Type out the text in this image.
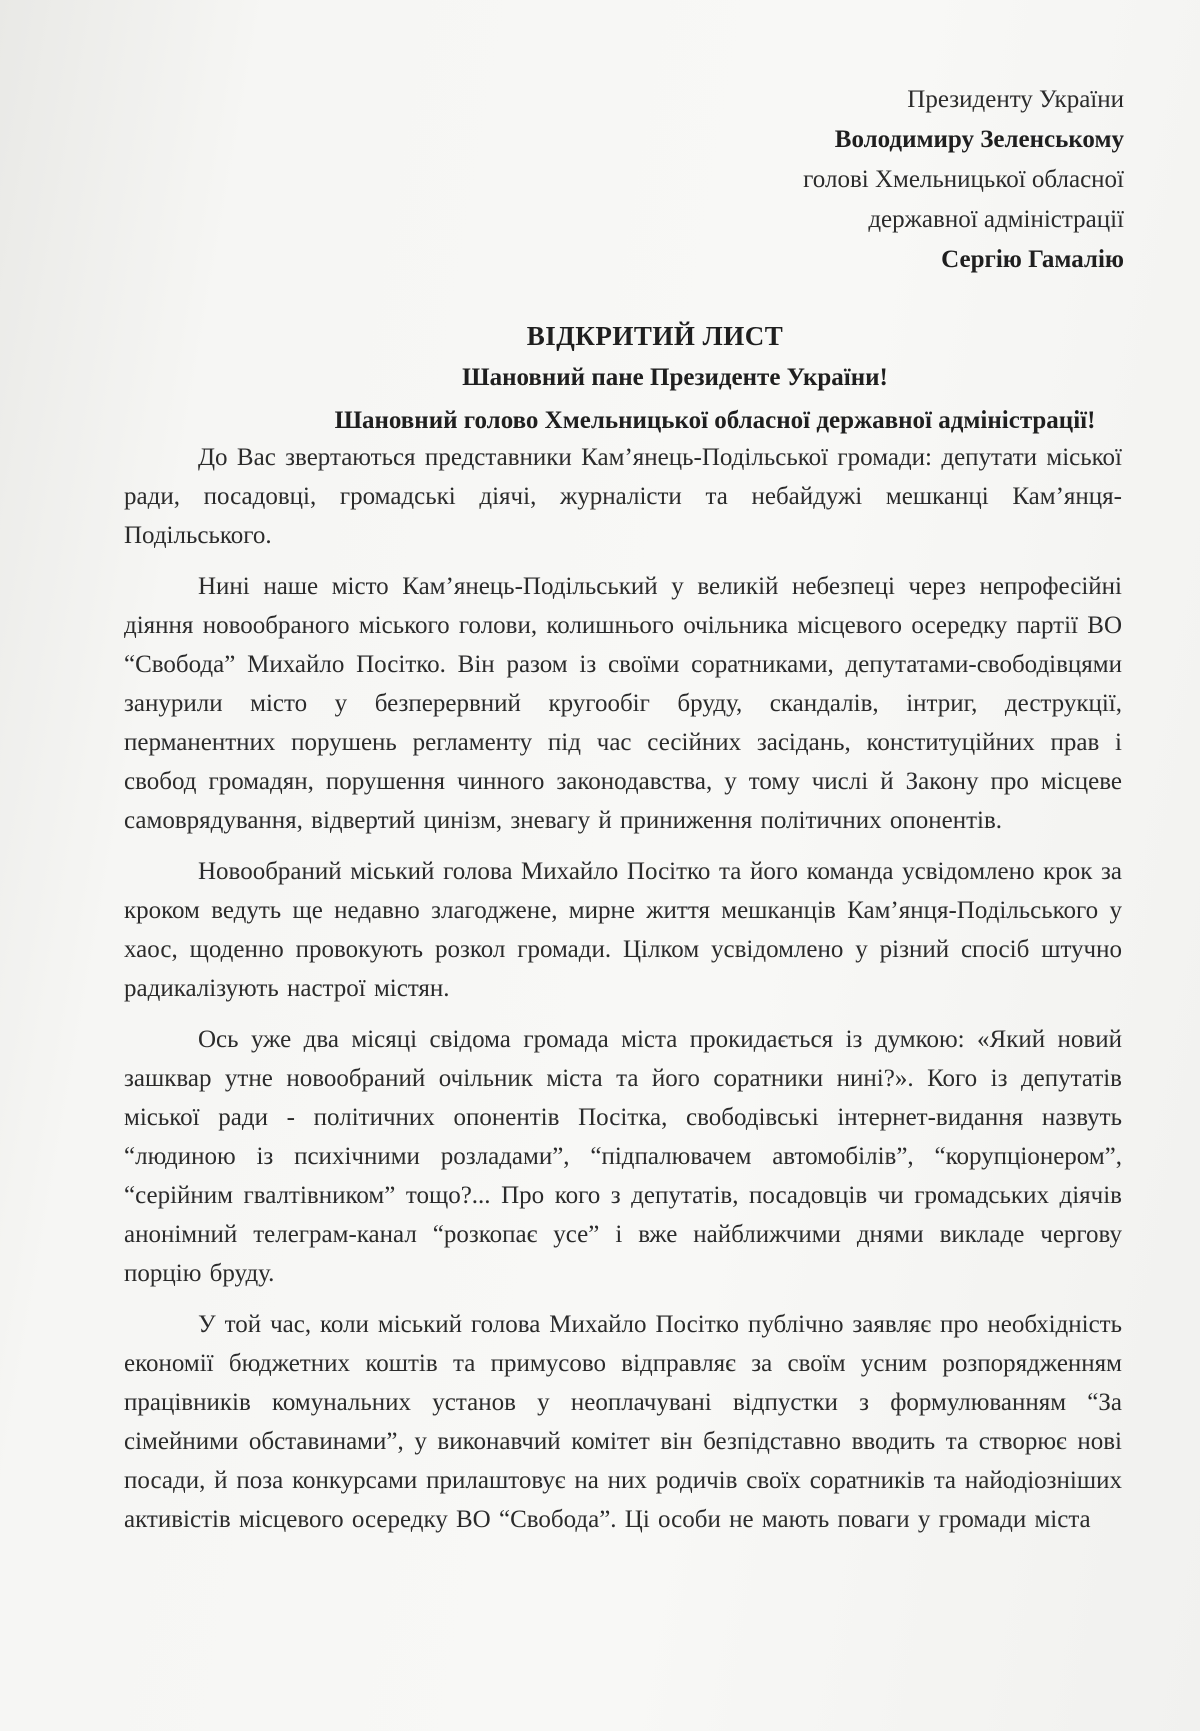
Президенту України
Володимиру Зеленському
голові Хмельницької обласної
державної адміністрації
Сергію Гамалію
ВІДКРИТИЙ ЛИСТ
Шановний пане Президенте України!
Шановний голово Хмельницької обласної державної адміністрації!

До Вас звертаються представники Кам’янець-Подільської громади: депутати міської ради, посадовці, громадські діячі, журналісти та небайдужі мешканці Кам’янця-Подільського.

Нині наше місто Кам’янець-Подільський у великій небезпеці через непрофесійні діяння новообраного міського голови, колишнього очільника місцевого осередку партії ВО “Свобода” Михайло Посітко. Він разом із своїми соратниками, депутатами-свободівцями занурили місто у безперервний кругообіг бруду, скандалів, інтриг, деструкції, перманентних порушень регламенту під час сесійних засідань, конституційних прав і свобод громадян, порушення чинного законодавства, у тому числі й Закону про місцеве самоврядування, відвертий цинізм, зневагу й приниження політичних опонентів.

Новообраний міський голова Михайло Посітко та його команда усвідомлено крок за кроком ведуть ще недавно злагоджене, мирне життя мешканців Кам’янця-Подільського у хаос, щоденно провокують розкол громади. Цілком усвідомлено у різний спосіб штучно радикалізують настрої містян.

Ось уже два місяці свідома громада міста прокидається із думкою: «Який новий зашквар утне новообраний очільник міста та його соратники нині?». Кого із депутатів міської ради - політичних опонентів Посітка, свободівські інтернет-видання назвуть “людиною із психічними розладами”, “підпалювачем автомобілів”, “корупціонером”, “серійним гвалтівником” тощо?... Про кого з депутатів, посадовців чи громадських діячів анонімний телеграм-канал “розкопає усе” і вже найближчими днями викладе чергову порцію бруду.

У той час, коли міський голова Михайло Посітко публічно заявляє про необхідність економії бюджетних коштів та примусово відправляє за своїм усним розпорядженням працівників комунальних установ у неоплачувані відпустки з формулюванням “За сімейними обставинами”, у виконавчий комітет він безпідставно вводить та створює нові посади, й поза конкурсами прилаштовує на них родичів своїх соратників та найодіозніших активістів місцевого осередку ВО “Свобода”. Ці особи не мають поваги у громади міста
